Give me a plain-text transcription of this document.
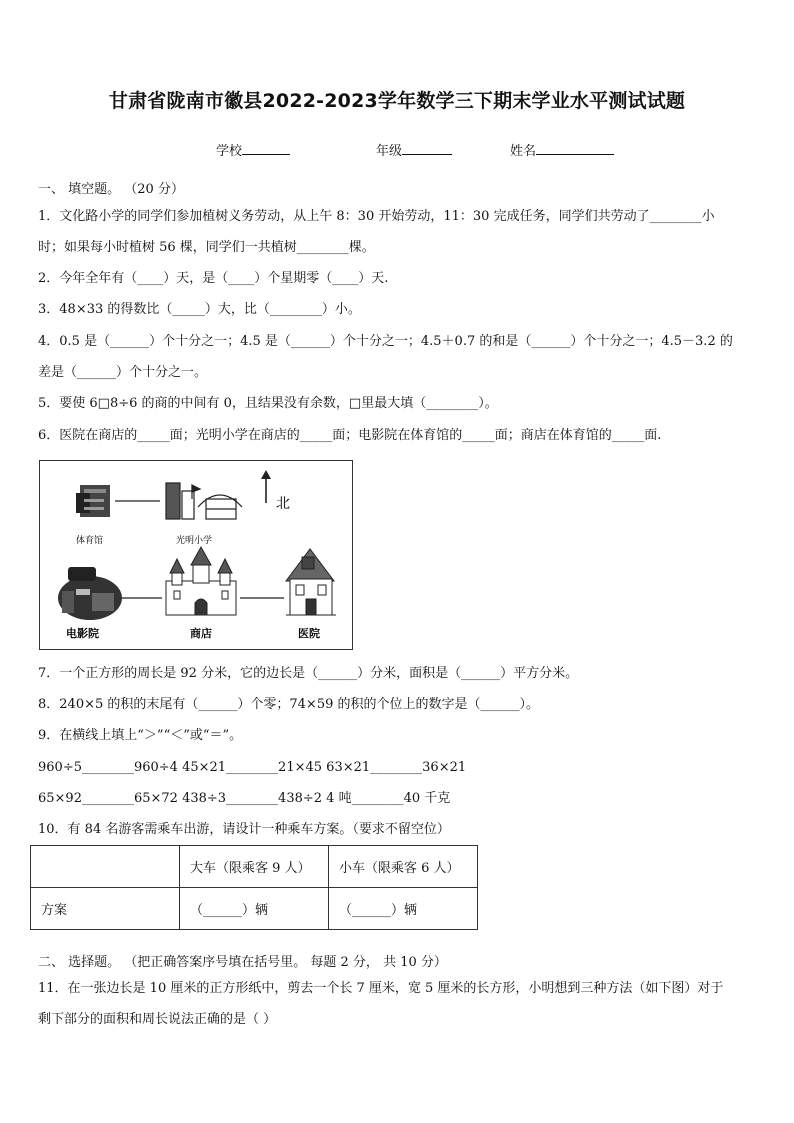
甘肃省陇南市徽县2022-2023学年数学三下期末学业水平测试试题
学校	年级	姓名
一、 填空题。 （20 分）
1．文化路小学的同学们参加植树义务劳动，从上午 8：30 开始劳动，11：30 完成任务，同学们共劳动了________小
时；如果每小时植树 56 棵，同学们一共植树________棵。
2．今年全年有（____）天，是（____）个星期零（____）天.
3．48×33 的得数比（_____）大，比（________）小。
4．0.5 是（______）个十分之一；4.5 是（______）个十分之一；4.5＋0.7 的和是（______）个十分之一；4.5－3.2 的
差是（______）个十分之一。
5．要使 6□8÷6 的商的中间有 0，且结果没有余数，□里最大填（________）。
6．医院在商店的_____面；光明小学在商店的_____面；电影院在体育馆的_____面；商店在体育馆的_____面.
北
体育馆	光明小学
电影院	商店	医院
7．一个正方形的周长是 92 分米，它的边长是（______）分米，面积是（______）平方分米。
8．240×5 的积的末尾有（______）个零；74×59 的积的个位上的数字是（______）。
9．在横线上填上“＞”“＜”或“＝”。
960÷5________960÷4 45×21________21×45 63×21________36×21
65×92________65×72 438÷3________438÷2 4 吨________40 千克
10．有 84 名游客需乘车出游，请设计一种乘车方案。（要求不留空位）
	大车（限乘客 9 人）	小车（限乘客 6 人）
方案	（______）辆	（______）辆
二、 选择题。 （把正确答案序号填在括号里。 每题 2 分， 共 10 分）
11．在一张边长是 10 厘米的正方形纸中，剪去一个长 7 厘米，宽 5 厘米的长方形，小明想到三种方法（如下图）对于
剩下部分的面积和周长说法正确的是（ ）
